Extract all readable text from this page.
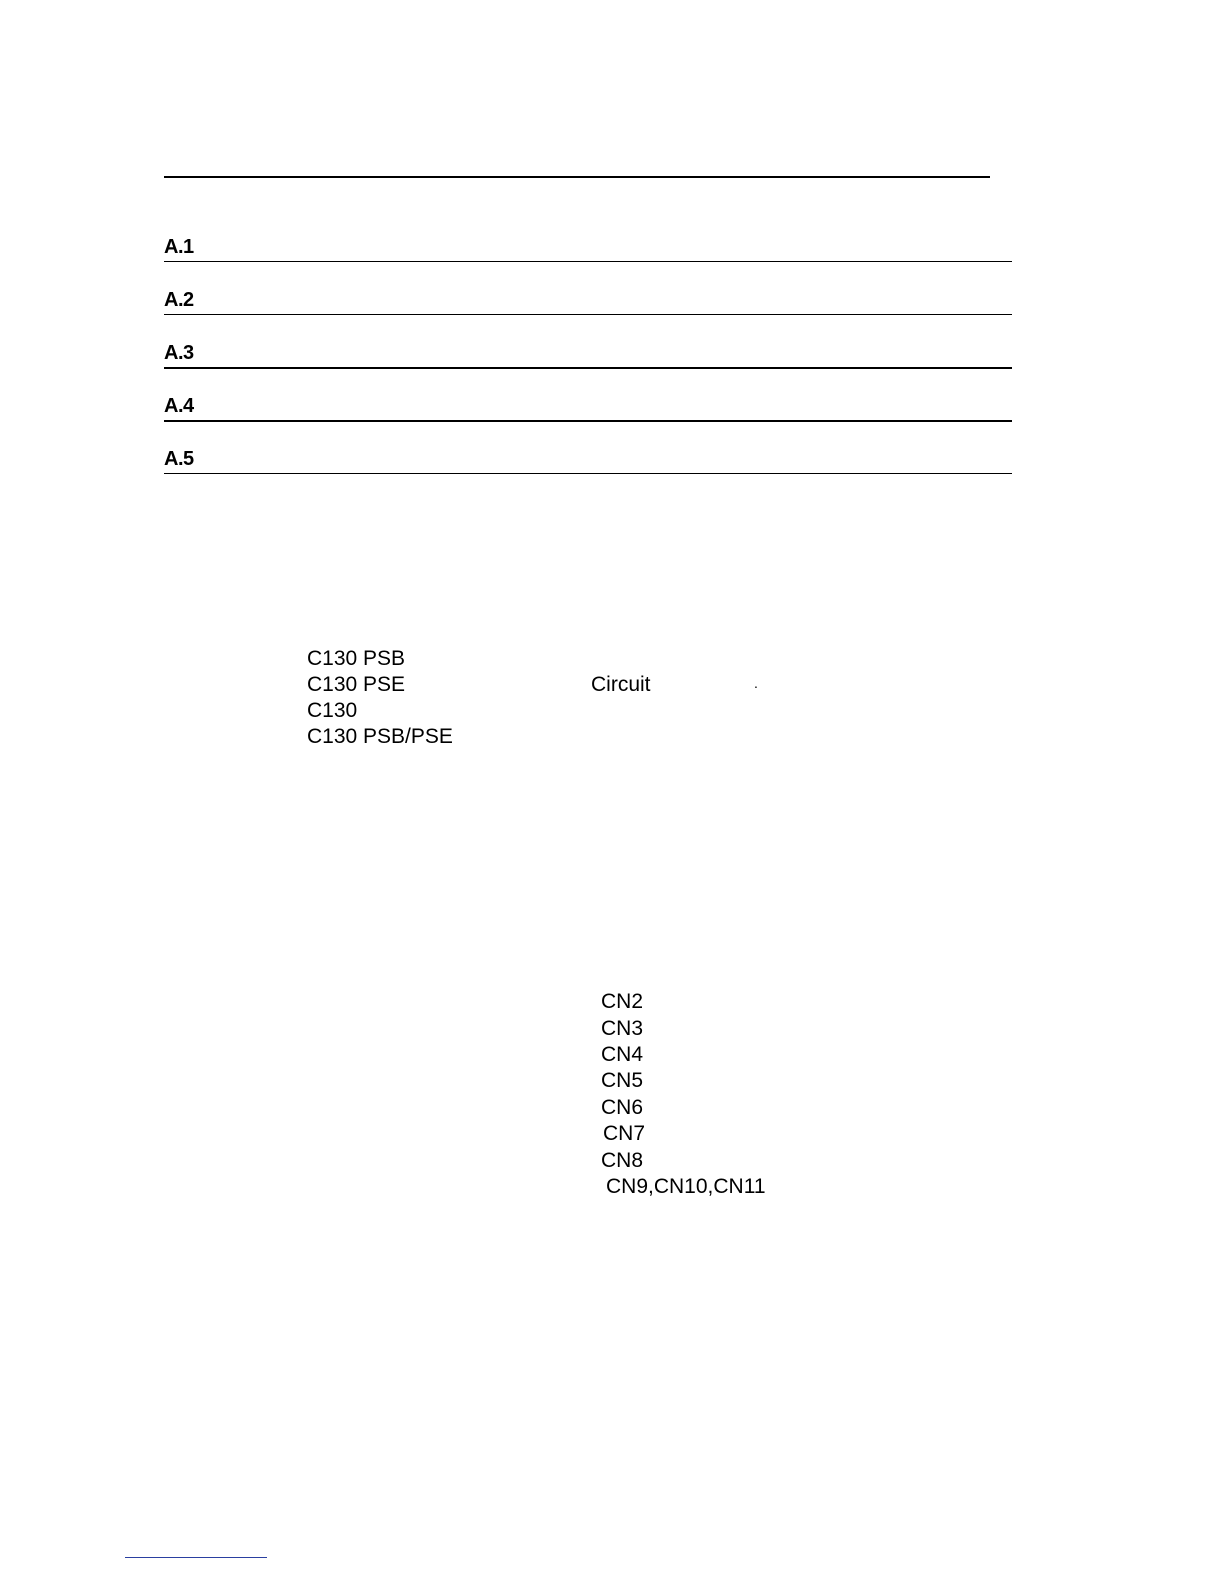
A.1
A.2
A.3
A.4
A.5
C130 PSB
C130 PSE
C130
C130 PSB/PSE
Circuit	.
CN2
CN3
CN4
CN5
CN6
CN7
CN8
CN9,CN10,CN11
